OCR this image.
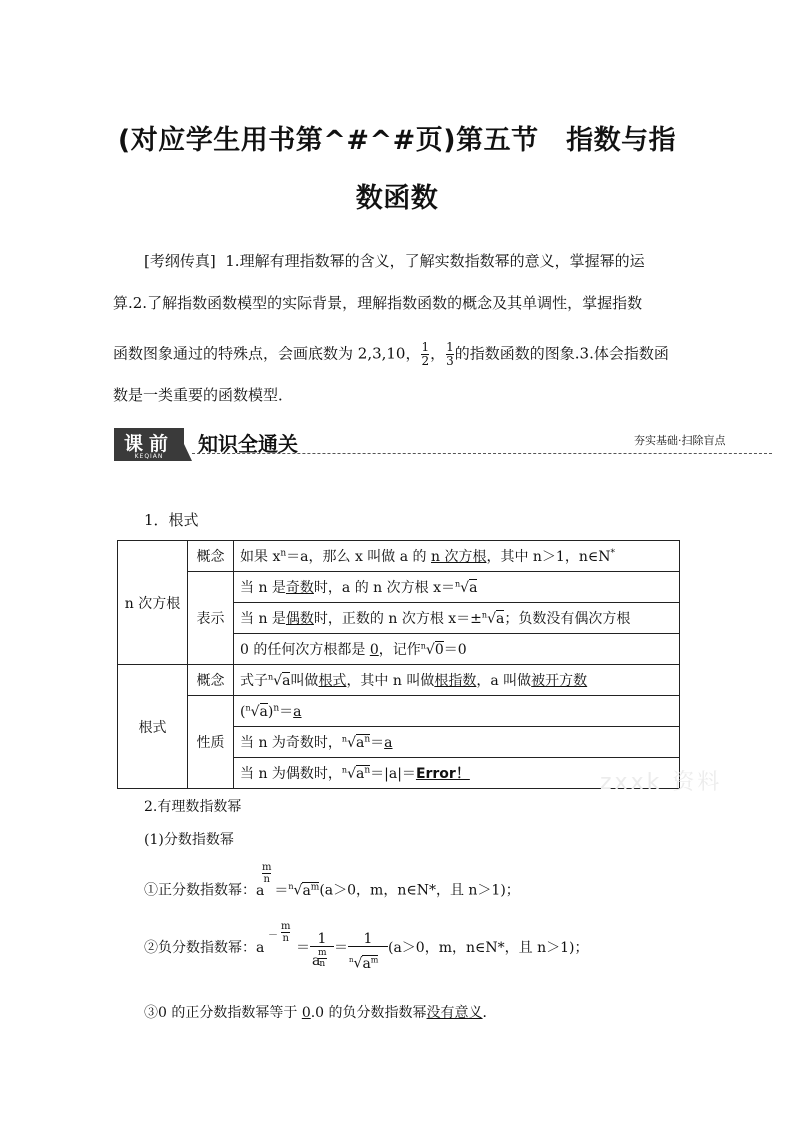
(对应学生用书第^#^#页)第五节　指数与指
数函数
[考纲传真] 1.理解有理指数幂的含义，了解实数指数幂的意义，掌握幂的运
算.2.了解指数函数模型的实际背景，理解指数函数的概念及其单调性，掌握指数
函数图象通过的特殊点，会画底数为 2,3,10， $\frac{1}{2}$ ， $\frac{1}{3}$ 的指数函数的图象.3.体会指数函
数是一类重要的函数模型．
课前
KEQIAN
知识全通关	夯实基础·扫除盲点
1．根式
n 次方根	概念	如果 $x^n=a$，那么 x 叫做 a 的 n 次方根，其中 n＞1，n∈N*
	表示	当 n 是奇数时，a 的 n 次方根 x＝$^n$√a
		当 n 是偶数时，正数的 n 次方根 x＝±$^n$√a；负数没有偶次方根
		0 的任何次方根都是 0，记作$^n$√0＝0
根式	概念	式子$^n$√a叫做根式，其中 n 叫做根指数，a 叫做被开方数
	性质	$(^n√a)^n=a$
		当 n 为奇数时，$^n√a^n=a$
		当 n 为偶数时，$^n√a^n=|a|=Error$！	zxxk 资料
2.有理数指数幂
(1)分数指数幂
①正分数指数幂：a
m
n
$=^n√a^m(a>0$，m，n∈N*，且 n＞1)；
②负分数指数幂：a
－
m
n
＝
1
a
m
n
＝ $\frac{1}{^n√a^m} (a>0$，m，n∈N*，且 n＞1)；
③0 的正分数指数幂等于 0.0 的负分数指数幂没有意义．
